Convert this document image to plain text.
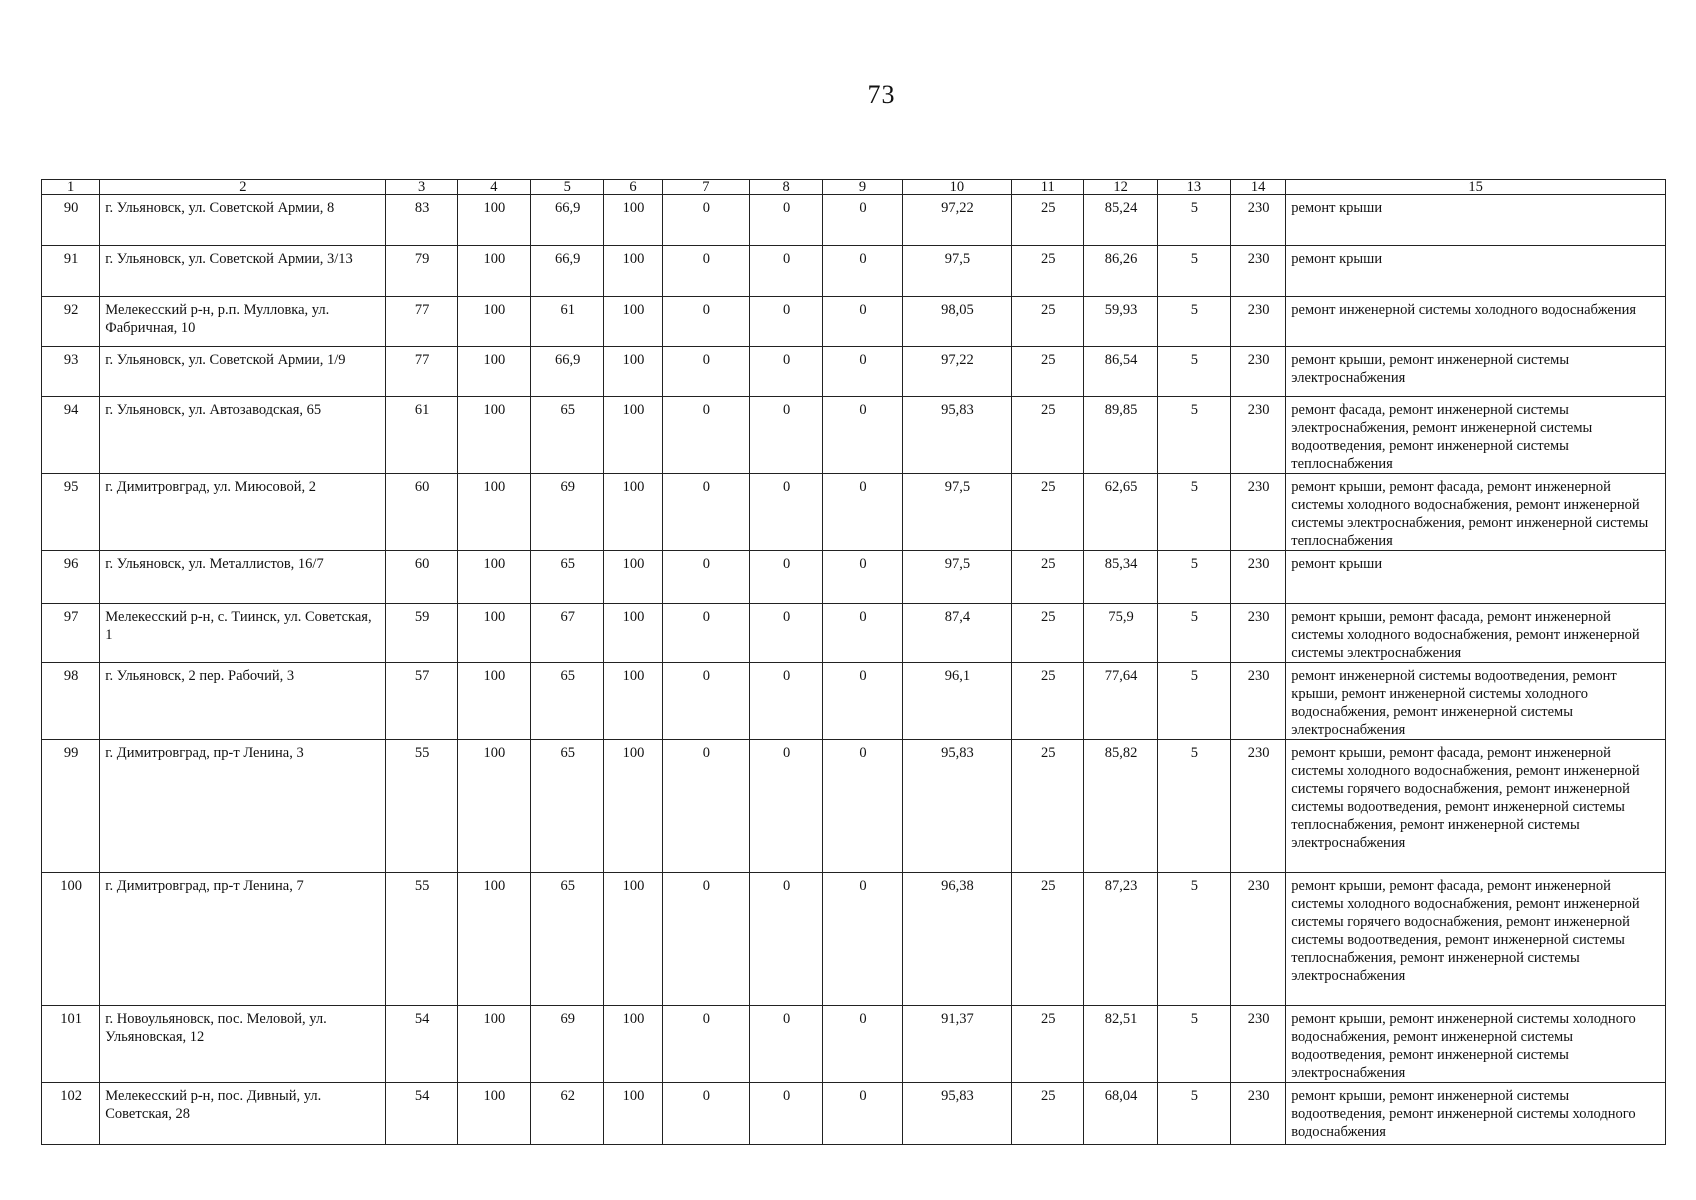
73
1	2	3	4	5	6	7	8	9	10	11	12	13	14	15
90	г. Ульяновск, ул. Советской Армии, 8	83	100	66,9	100	0	0	0	97,22	25	85,24	5	230	ремонт крыши
91	г. Ульяновск, ул. Советской Армии, 3/13	79	100	66,9	100	0	0	0	97,5	25	86,26	5	230	ремонт крыши
92	Мелекесский р-н, р.п. Мулловка, ул. Фабричная, 10	77	100	61	100	0	0	0	98,05	25	59,93	5	230	ремонт инженерной системы холодного водоснабжения
93	г. Ульяновск, ул. Советской Армии, 1/9	77	100	66,9	100	0	0	0	97,22	25	86,54	5	230	ремонт крыши, ремонт инженерной системы электроснабжения
94	г. Ульяновск, ул. Автозаводская, 65	61	100	65	100	0	0	0	95,83	25	89,85	5	230	ремонт фасада, ремонт инженерной системы электроснабжения, ремонт инженерной системы водоотведения, ремонт инженерной системы теплоснабжения
95	г. Димитровград, ул. Миюсовой, 2	60	100	69	100	0	0	0	97,5	25	62,65	5	230	ремонт крыши, ремонт фасада, ремонт инженерной системы холодного водоснабжения, ремонт инженерной системы электроснабжения, ремонт инженерной системы теплоснабжения
96	г. Ульяновск, ул. Металлистов, 16/7	60	100	65	100	0	0	0	97,5	25	85,34	5	230	ремонт крыши
97	Мелекесский р-н, с. Тиинск, ул. Советская, 1	59	100	67	100	0	0	0	87,4	25	75,9	5	230	ремонт крыши, ремонт фасада, ремонт инженерной системы холодного водоснабжения, ремонт инженерной системы электроснабжения
98	г. Ульяновск, 2 пер. Рабочий, 3	57	100	65	100	0	0	0	96,1	25	77,64	5	230	ремонт инженерной системы водоотведения, ремонт крыши, ремонт инженерной системы холодного водоснабжения, ремонт инженерной системы электроснабжения
99	г. Димитровград, пр-т Ленина, 3	55	100	65	100	0	0	0	95,83	25	85,82	5	230	ремонт крыши, ремонт фасада, ремонт инженерной системы холодного водоснабжения, ремонт инженерной системы горячего водоснабжения, ремонт инженерной системы водоотведения, ремонт инженерной системы теплоснабжения, ремонт инженерной системы электроснабжения
100	г. Димитровград, пр-т Ленина, 7	55	100	65	100	0	0	0	96,38	25	87,23	5	230	ремонт крыши, ремонт фасада, ремонт инженерной системы холодного водоснабжения, ремонт инженерной системы горячего водоснабжения, ремонт инженерной системы водоотведения, ремонт инженерной системы теплоснабжения, ремонт инженерной системы электроснабжения
101	г. Новоульяновск, пос. Меловой, ул. Ульяновская, 12	54	100	69	100	0	0	0	91,37	25	82,51	5	230	ремонт крыши, ремонт инженерной системы холодного водоснабжения, ремонт инженерной системы водоотведения, ремонт инженерной системы электроснабжения
102	Мелекесский р-н, пос. Дивный, ул. Советская, 28	54	100	62	100	0	0	0	95,83	25	68,04	5	230	ремонт крыши, ремонт инженерной системы водоотведения, ремонт инженерной системы холодного водоснабжения
